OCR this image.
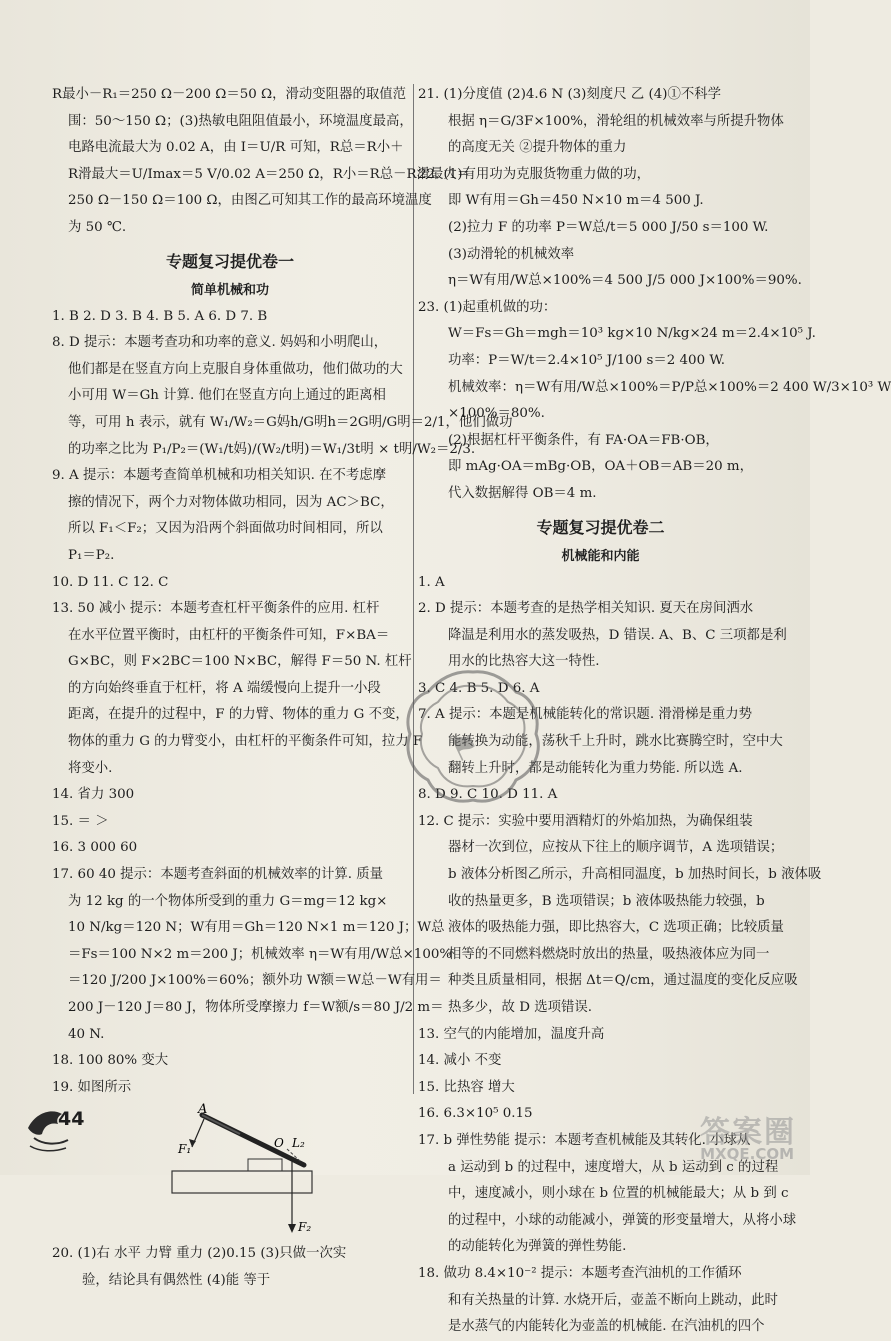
R最小－R₁＝250 Ω－200 Ω＝50 Ω，滑动变阻器的取值范
围：50～150 Ω；(3)热敏电阻阻值最小，环境温度最高，
电路电流最大为 0.02 A，由 I＝U/R 可知，R总＝R小＋
R滑最大＝U/Imax＝5 V/0.02 A＝250 Ω，R小＝R总－R滑最大＝
250 Ω－150 Ω＝100 Ω，由图乙可知其工作的最高环境温度
为 50 ℃.
专题复习提优卷一
简单机械和功
1. B 2. D 3. B 4. B 5. A 6. D 7. B
8. D 提示：本题考查功和功率的意义. 妈妈和小明爬山，
他们都是在竖直方向上克服自身体重做功，他们做功的大
小可用 W＝Gh 计算. 他们在竖直方向上通过的距离相
等，可用 h 表示，就有 W₁/W₂＝G妈h/G明h＝2G明/G明＝2/1，他们做功
的功率之比为 P₁/P₂＝(W₁/t妈)/(W₂/t明)＝W₁/3t明 × t明/W₂＝2/3.
9. A 提示：本题考查简单机械和功相关知识. 在不考虑摩
擦的情况下，两个力对物体做功相同，因为 AC＞BC，
所以 F₁＜F₂；又因为沿两个斜面做功时间相同，所以
P₁＝P₂.
10. D 11. C 12. C
13. 50 减小 提示：本题考查杠杆平衡条件的应用. 杠杆
在水平位置平衡时，由杠杆的平衡条件可知，F×BA＝
G×BC，则 F×2BC＝100 N×BC，解得 F＝50 N. 杠杆
的方向始终垂直于杠杆，将 A 端缓慢向上提升一小段
距离，在提升的过程中，F 的力臂、物体的重力 G 不变，
物体的重力 G 的力臂变小，由杠杆的平衡条件可知，拉力 F
将变小.
14. 省力 300
15. ＝ ＞
16. 3 000 60
17. 60 40 提示：本题考查斜面的机械效率的计算. 质量
为 12 kg 的一个物体所受到的重力 G＝mg＝12 kg×
10 N/kg＝120 N；W有用＝Gh＝120 N×1 m＝120 J；W总
＝Fs＝100 N×2 m＝200 J；机械效率 η＝W有用/W总×100%
＝120 J/200 J×100%＝60%；额外功 W额＝W总－W有用＝
200 J－120 J＝80 J，物体所受摩擦力 f＝W额/s＝80 J/2 m＝
40 N.
18. 100 80% 变大
19. 如图所示
A
F₁	O L₂
F₂
20. (1)右 水平 力臂 重力 (2)0.15 (3)只做一次实
验，结论具有偶然性 (4)能 等于
21. (1)分度值 (2)4.6 N (3)刻度尺 乙 (4)①不科学
根据 η＝G/3F×100%，滑轮组的机械效率与所提升物体
的高度无关 ②提升物体的重力
22. (1)有用功为克服货物重力做的功，
即 W有用＝Gh＝450 N×10 m＝4 500 J.
(2)拉力 F 的功率 P＝W总/t＝5 000 J/50 s＝100 W.
(3)动滑轮的机械效率
η＝W有用/W总×100%＝4 500 J/5 000 J×100%＝90%.
23. (1)起重机做的功：
W＝Fs＝Gh＝mgh＝10³ kg×10 N/kg×24 m＝2.4×10⁵ J.
功率：P＝W/t＝2.4×10⁵ J/100 s＝2 400 W.
机械效率：η＝W有用/W总×100%＝P/P总×100%＝2 400 W/3×10³ W
×100%＝80%.
(2)根据杠杆平衡条件，有 FA·OA＝FB·OB，
即 mAg·OA＝mBg·OB，OA＋OB＝AB＝20 m，
代入数据解得 OB＝4 m.
专题复习提优卷二
机械能和内能
1. A
2. D 提示：本题考查的是热学相关知识. 夏天在房间洒水
降温是利用水的蒸发吸热，D 错误. A、B、C 三项都是利
用水的比热容大这一特性.
3. C 4. B 5. D 6. A
7. A 提示：本题是机械能转化的常识题. 滑滑梯是重力势
能转换为动能，荡秋千上升时，跳水比赛腾空时，空中大
翻转上升时，都是动能转化为重力势能. 所以选 A.
8. D 9. C 10. D 11. A
12. C 提示：实验中要用酒精灯的外焰加热，为确保组装
器材一次到位，应按从下往上的顺序调节，A 选项错误；
b 液体分析图乙所示，升高相同温度，b 加热时间长，b 液体吸
收的热量更多，B 选项错误；b 液体吸热能力较强，b
液体的吸热能力强，即比热容大，C 选项正确；比较质量
相等的不同燃料燃烧时放出的热量，吸热液体应为同一
种类且质量相同，根据 Δt＝Q/cm，通过温度的变化反应吸
热多少，故 D 选项错误.
13. 空气的内能增加，温度升高
14. 减小 不变
15. 比热容 增大
16. 6.3×10⁵ 0.15
17. b 弹性势能 提示：本题考查机械能及其转化. 小球从
a 运动到 b 的过程中，速度增大，从 b 运动到 c 的过程
中，速度减小，则小球在 b 位置的机械能最大；从 b 到 c
的过程中，小球的动能减小，弹簧的形变量增大，从将小球
的动能转化为弹簧的弹性势能.
18. 做功 8.4×10⁻² 提示：本题考查汽油机的工作循环
和有关热量的计算. 水烧开后，壶盖不断向上跳动，此时
是水蒸气的内能转化为壶盖的机械能. 在汽油机的四个
⚑
44	答案圈
MXQE.COM
